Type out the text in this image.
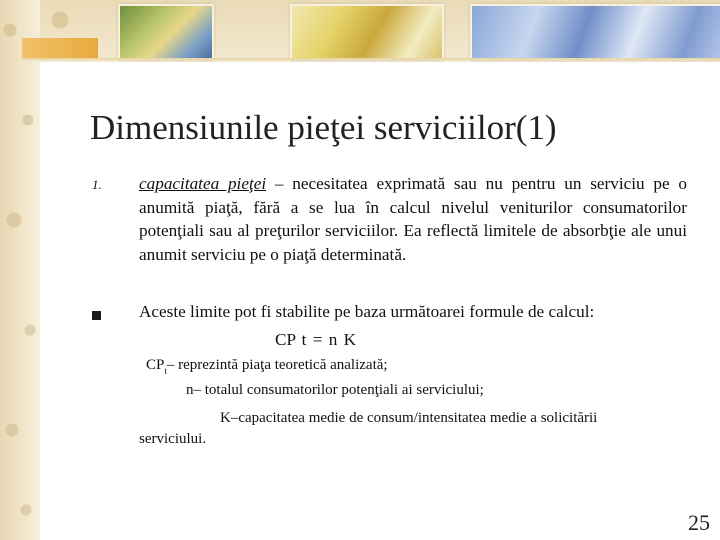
Dimensiunile pieţei serviciilor(1)
1. capacitatea pieţei – necesitatea exprimată sau nu pentru un serviciu pe o anumită piaţă, fără a se lua în calcul nivelul veniturilor consumatorilor potenţiali sau al preţurilor serviciilor. Ea reflectă limitele de absorbţie ale unui anumit serviciu pe o piaţă determinată.

Aceste limite pot fi stabilite pe baza următoarei formule de calcul:

CP t = n K
$CP_t-$ reprezintă piaţa teoretică analizată;
n– totalul consumatorilor potenţiali ai serviciului;
K–capacitatea medie de consum/intensitatea medie a solicitării
serviciului.
25
